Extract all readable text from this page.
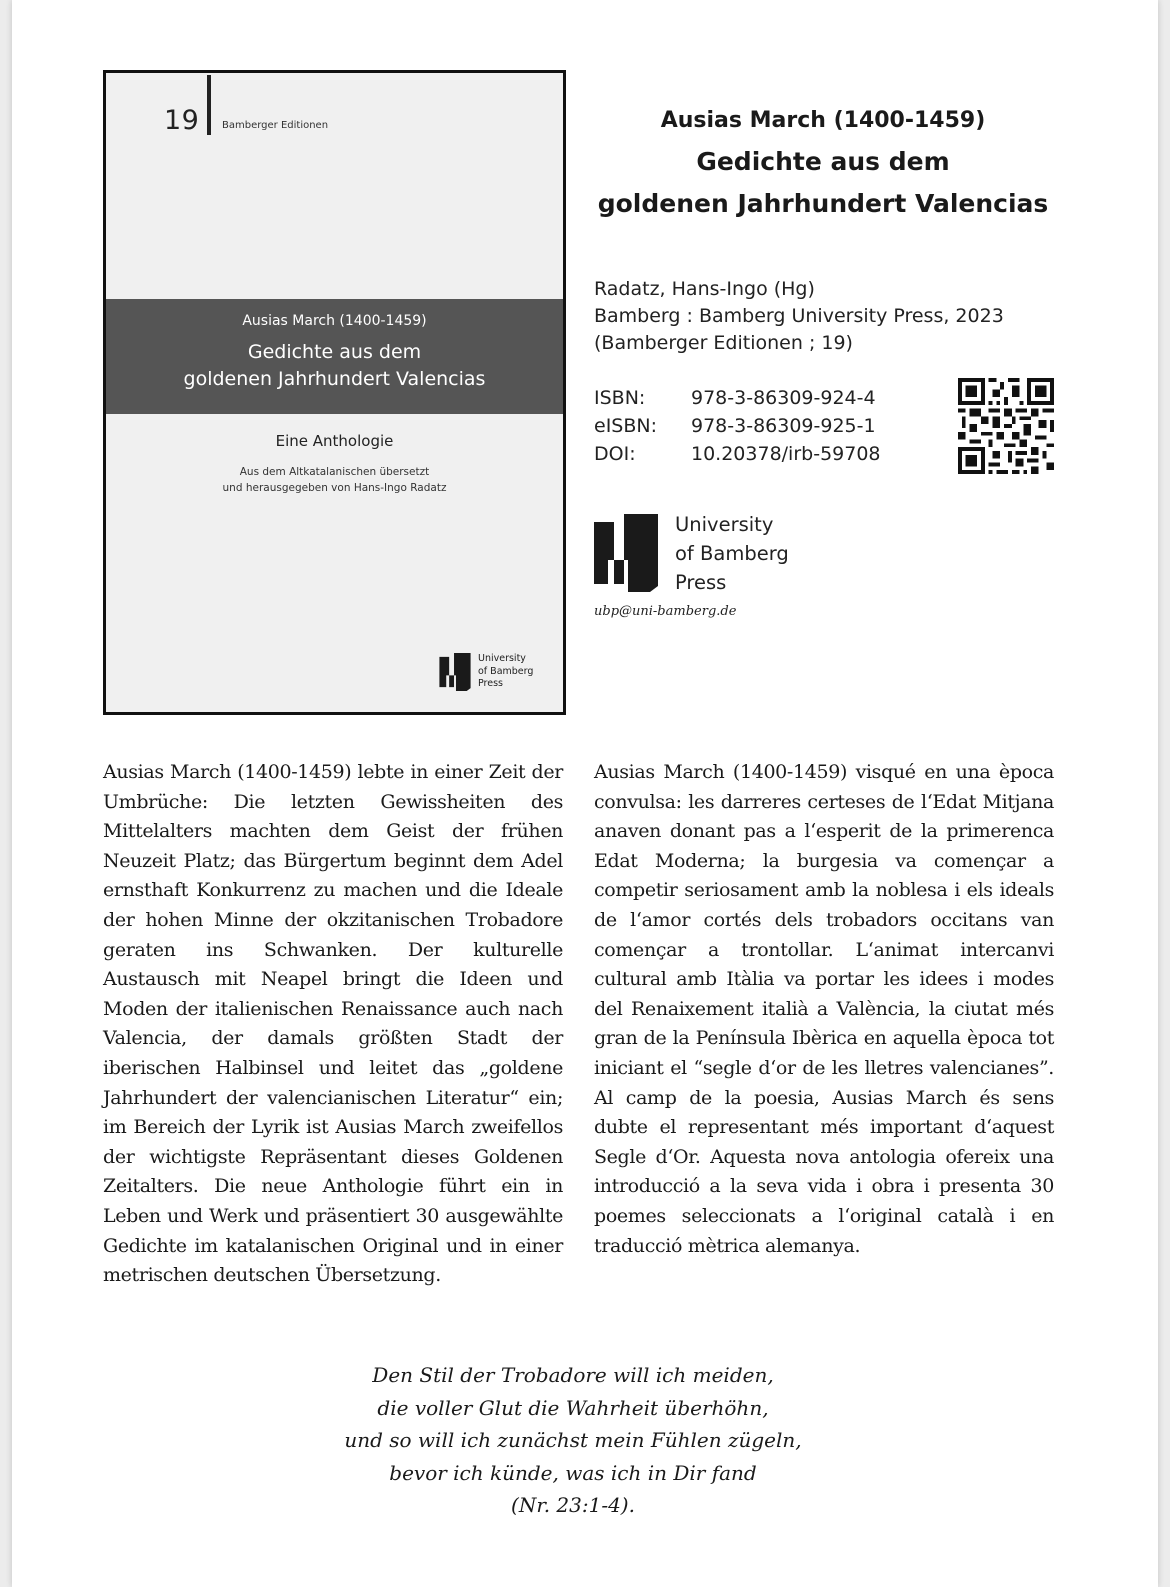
19 Bamberger Editionen
Ausias March (1400-1459)
Gedichte aus dem
goldenen Jahrhundert Valencias
Eine Anthologie
Aus dem Altkatalanischen übersetzt
und herausgegeben von Hans-Ingo Radatz
University
of Bamberg
Press
Ausias March (1400-1459)
Gedichte aus dem
goldenen Jahrhundert Valencias
Radatz, Hans-Ingo (Hg)
Bamberg : Bamberg University Press, 2023
(Bamberger Editionen ; 19)
ISBN:	978-3-86309-924-4
eISBN:	978-3-86309-925-1
DOI:	10.20378/irb-59708
University
of Bamberg
Press
ubp@uni-bamberg.de
Ausias March (1400-1459) lebte in einer Zeit der Umbrüche: Die letzten Gewissheiten des Mittelalters machten dem Geist der frühen Neuzeit Platz; das Bürgertum beginnt dem Adel ernsthaft Konkurrenz zu machen und die Ideale der hohen Minne der okzitanischen Trobadore geraten ins Schwanken. Der kulturelle Austausch mit Neapel bringt die Ideen und Moden der italienischen Renaissance auch nach Valencia, der damals größten Stadt der iberischen Halbinsel und leitet das „goldene Jahrhundert der valencianischen Literatur“ ein; im Bereich der Lyrik ist Ausias March zweifellos der wichtigste Repräsentant dieses Goldenen Zeitalters. Die neue Anthologie führt ein in Leben und Werk und präsentiert 30 ausgewählte Gedichte im katalanischen Original und in einer metrischen deutschen Übersetzung.
Ausias March (1400-1459) visqué en una època convulsa: les darreres certeses de l‘Edat Mitjana anaven donant pas a l‘esperit de la primerenca Edat Moderna; la burgesia va començar a competir seriosament amb la noblesa i els ideals de l‘amor cortés dels trobadors occitans van començar a trontollar. L‘animat intercanvi cultural amb Itàlia va portar les idees i modes del Renaixement italià a València, la ciutat més gran de la Península Ibèrica en aquella època tot iniciant el “segle d‘or de les lletres valencianes”. Al camp de la poesia, Ausias March és sens dubte el representant més important d‘aquest Segle d‘Or. Aquesta nova antologia ofereix una introducció a la seva vida i obra i presenta 30 poemes seleccionats a l‘original català i en traducció mètrica alemanya.
Den Stil der Trobadore will ich meiden,
die voller Glut die Wahrheit überhöhn,
und so will ich zunächst mein Fühlen zügeln,
bevor ich künde, was ich in Dir fand
(Nr. 23:1-4).
